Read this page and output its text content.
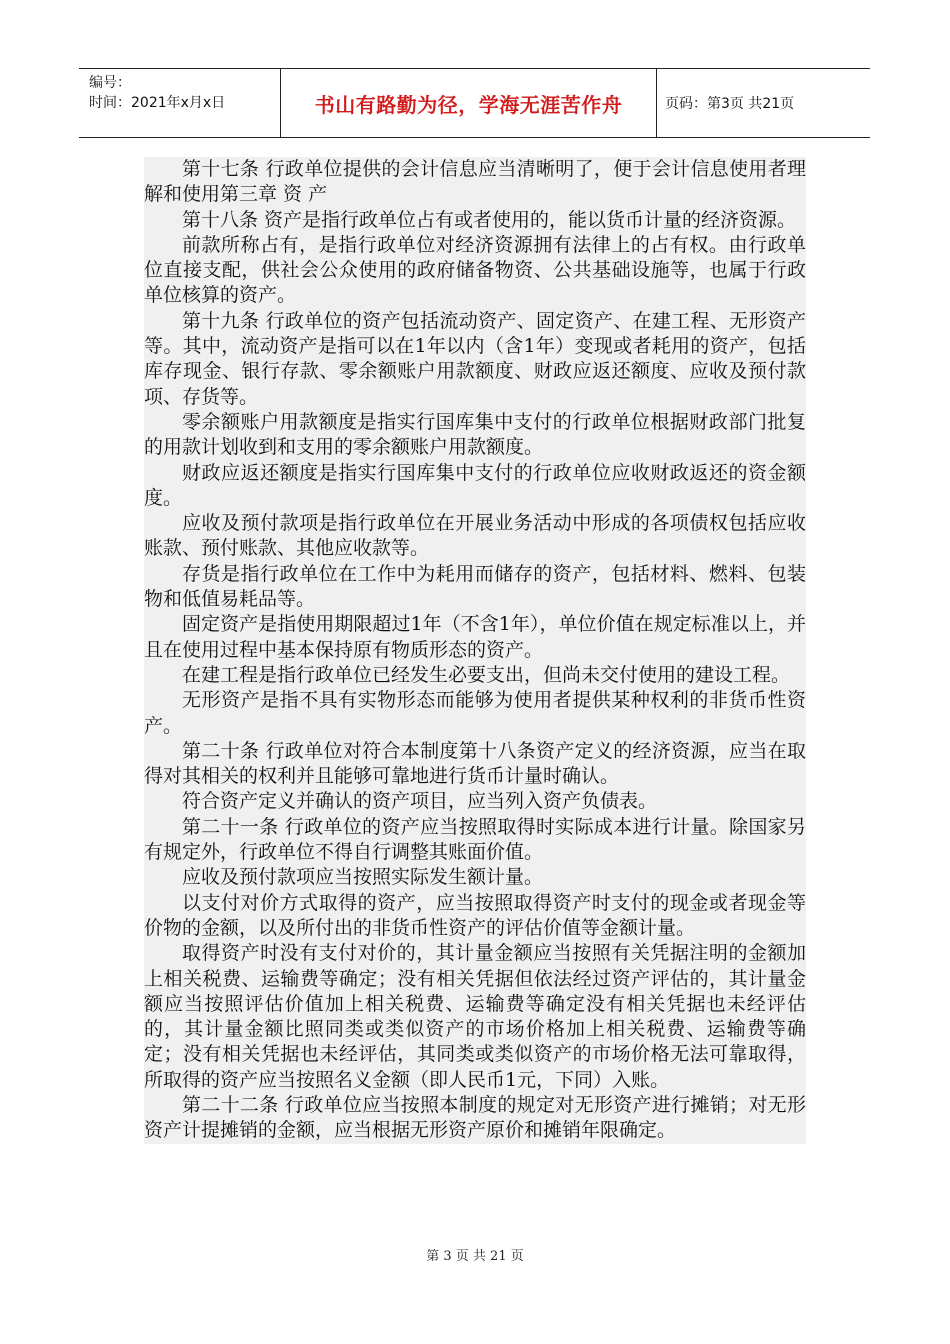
编号：
时间：2021年x月x日	书山有路勤为径，学海无涯苦作舟	页码：第3页 共21页

第十七条 行政单位提供的会计信息应当清晰明了，便于会计信息使用者理解和使用第三章 资 产

第十八条 资产是指行政单位占有或者使用的，能以货币计量的经济资源。

前款所称占有，是指行政单位对经济资源拥有法律上的占有权。由行政单位直接支配，供社会公众使用的政府储备物资、公共基础设施等，也属于行政单位核算的资产。

第十九条 行政单位的资产包括流动资产、固定资产、在建工程、无形资产等。其中，流动资产是指可以在1年以内（含1年）变现或者耗用的资产，包括库存现金、银行存款、零余额账户用款额度、财政应返还额度、应收及预付款项、存货等。

零余额账户用款额度是指实行国库集中支付的行政单位根据财政部门批复的用款计划收到和支用的零余额账户用款额度。

财政应返还额度是指实行国库集中支付的行政单位应收财政返还的资金额度。

应收及预付款项是指行政单位在开展业务活动中形成的各项债权包括应收账款、预付账款、其他应收款等。

存货是指行政单位在工作中为耗用而储存的资产，包括材料、燃料、包装物和低值易耗品等。

固定资产是指使用期限超过1年（不含1年），单位价值在规定标准以上，并且在使用过程中基本保持原有物质形态的资产。

在建工程是指行政单位已经发生必要支出，但尚未交付使用的建设工程。

无形资产是指不具有实物形态而能够为使用者提供某种权利的非货币性资产。

第二十条 行政单位对符合本制度第十八条资产定义的经济资源，应当在取得对其相关的权利并且能够可靠地进行货币计量时确认。

符合资产定义并确认的资产项目，应当列入资产负债表。

第二十一条 行政单位的资产应当按照取得时实际成本进行计量。除国家另有规定外，行政单位不得自行调整其账面价值。

应收及预付款项应当按照实际发生额计量。

以支付对价方式取得的资产，应当按照取得资产时支付的现金或者现金等价物的金额，以及所付出的非货币性资产的评估价值等金额计量。

取得资产时没有支付对价的，其计量金额应当按照有关凭据注明的金额加上相关税费、运输费等确定；没有相关凭据但依法经过资产评估的，其计量金额应当按照评估价值加上相关税费、运输费等确定没有相关凭据也未经评估的，其计量金额比照同类或类似资产的市场价格加上相关税费、运输费等确定；没有相关凭据也未经评估，其同类或类似资产的市场价格无法可靠取得，所取得的资产应当按照名义金额（即人民币1元，下同）入账。

第二十二条 行政单位应当按照本制度的规定对无形资产进行摊销；对无形资产计提摊销的金额，应当根据无形资产原价和摊销年限确定。

第 3 页 共 21 页
